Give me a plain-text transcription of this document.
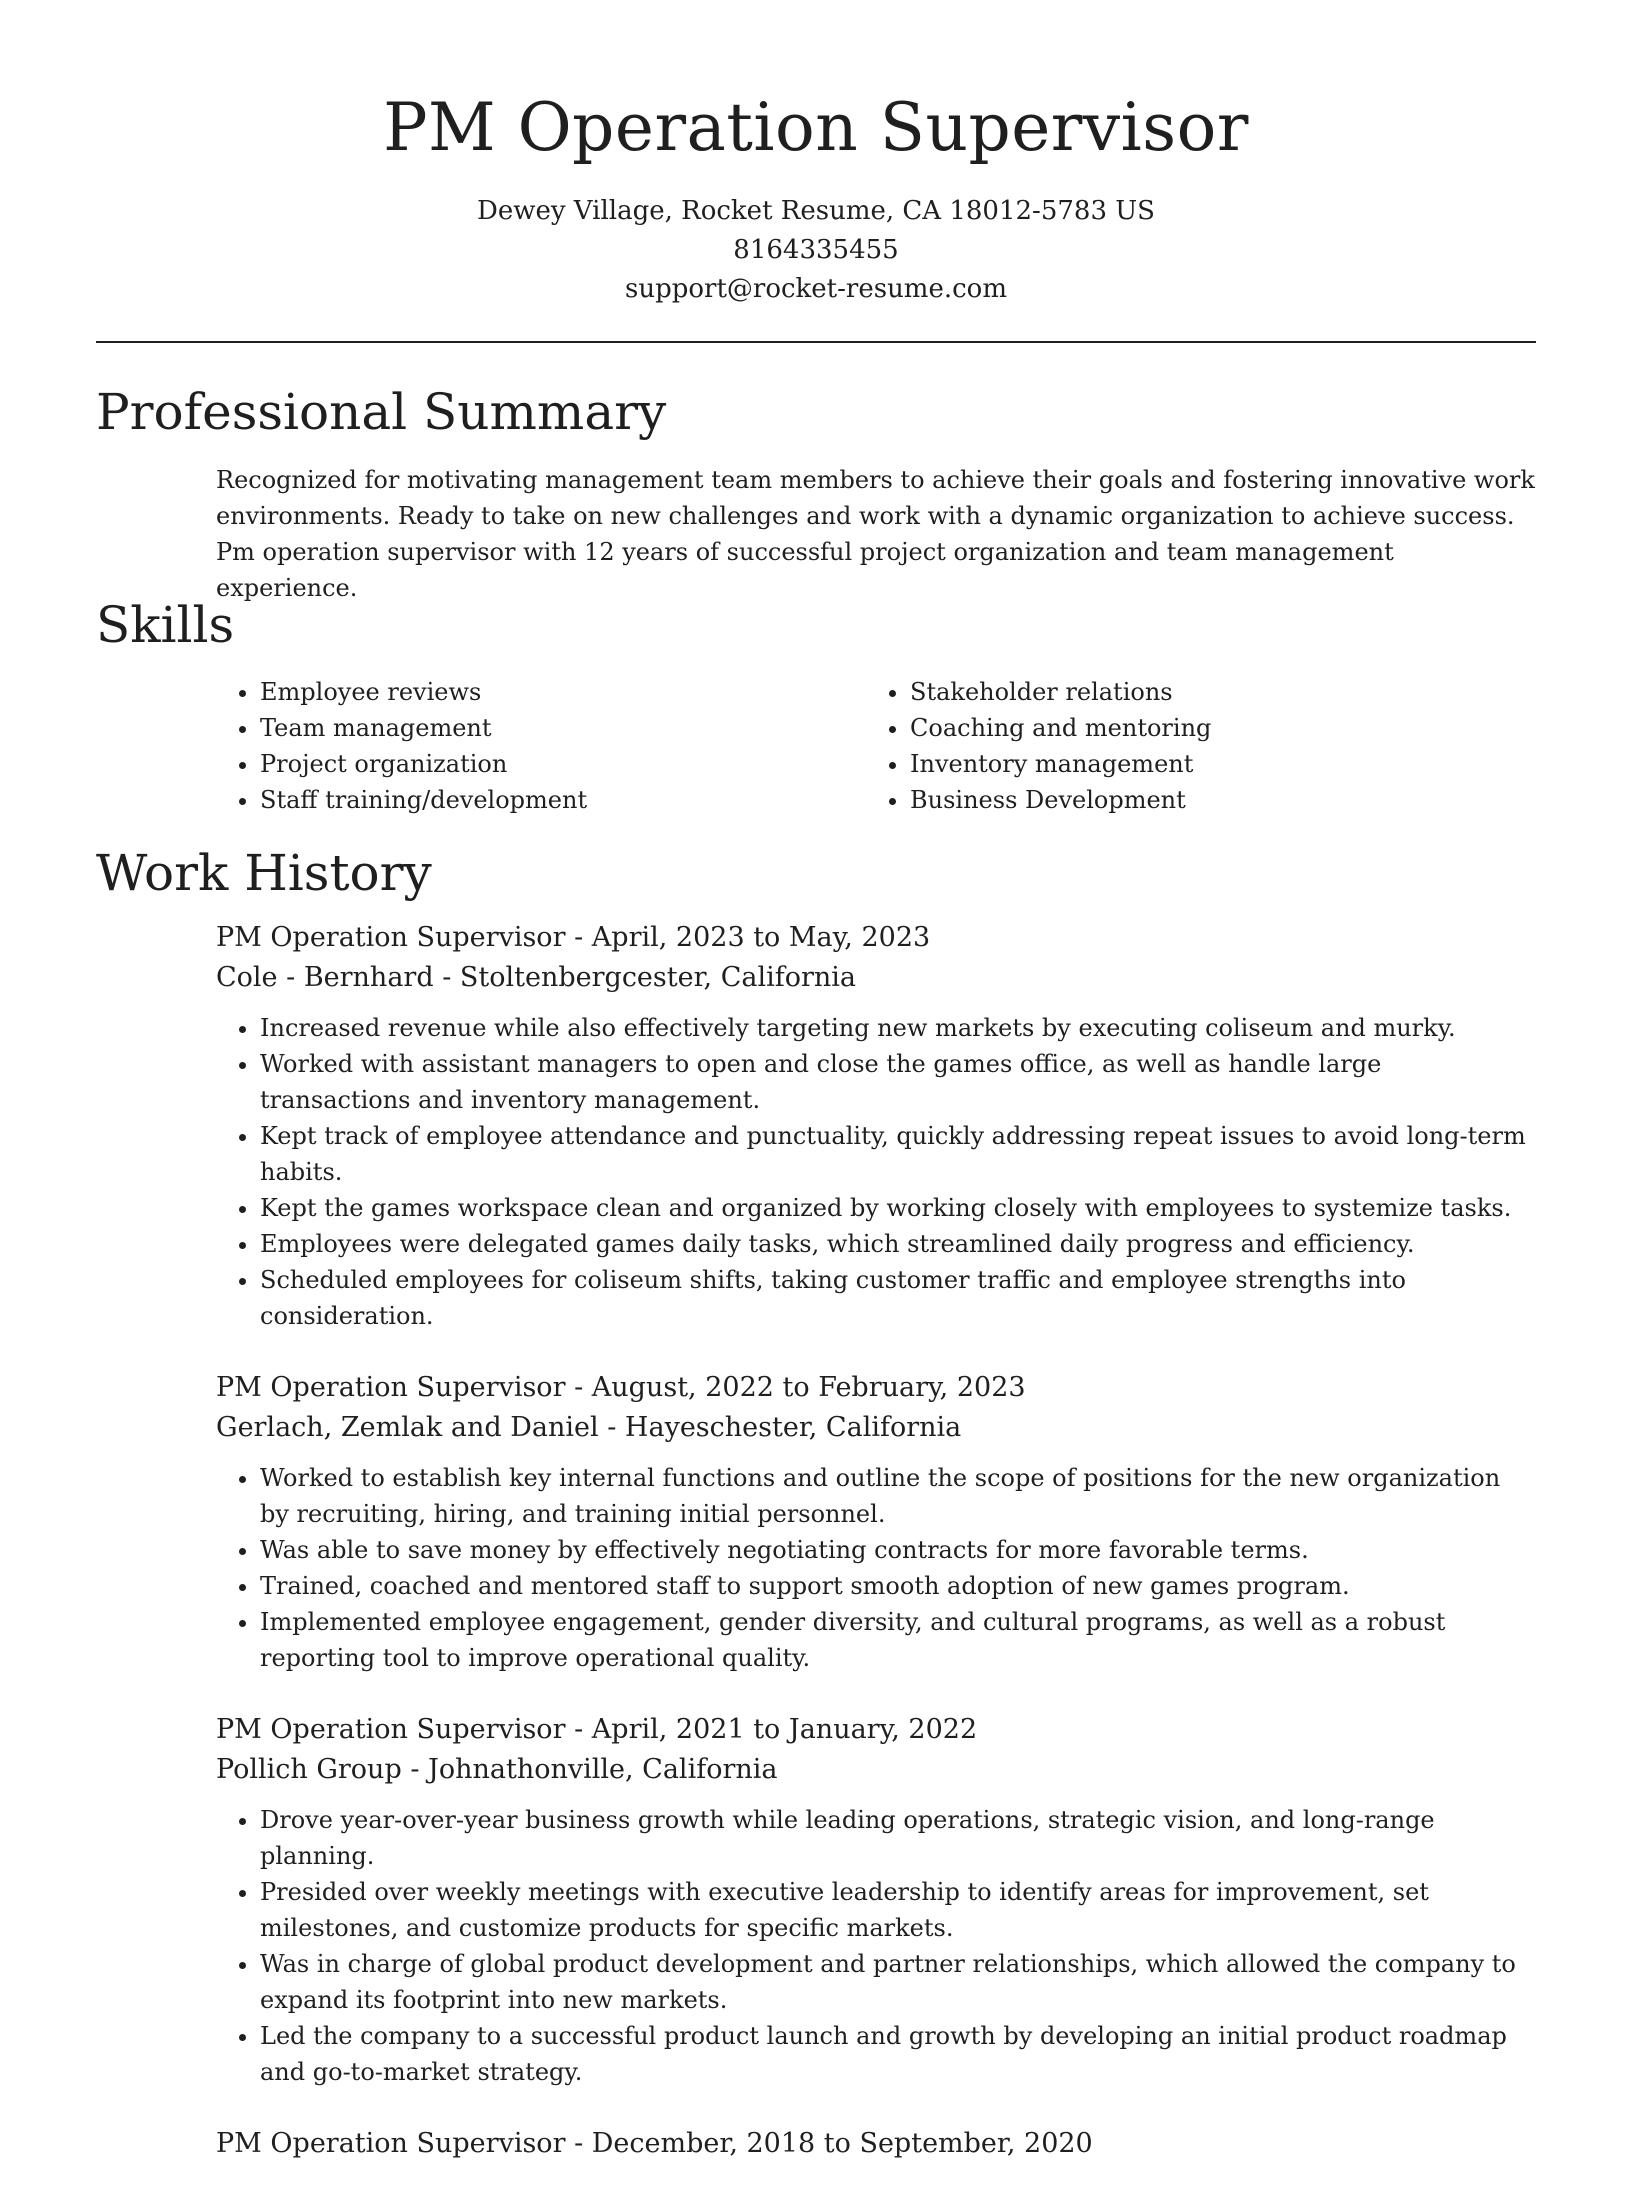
PM Operation Supervisor
Dewey Village, Rocket Resume, CA 18012-5783 US
8164335455
support@rocket-resume.com
Professional Summary

Recognized for motivating management team members to achieve their goals and fostering innovative work environments. Ready to take on new challenges and work with a dynamic organization to achieve success. Pm operation supervisor with 12 years of successful project organization and team management experience.

Skills
• Employee reviews
• Team management
• Project organization
• Staff training/development
• Stakeholder relations
• Coaching and mentoring
• Inventory management
• Business Development
Work History
PM Operation Supervisor - April, 2023 to May, 2023
Cole - Bernhard - Stoltenbergcester, California
• Increased revenue while also effectively targeting new markets by executing coliseum and murky.
• Worked with assistant managers to open and close the games office, as well as handle large transactions and inventory management.
• Kept track of employee attendance and punctuality, quickly addressing repeat issues to avoid long-term habits.
• Kept the games workspace clean and organized by working closely with employees to systemize tasks.
• Employees were delegated games daily tasks, which streamlined daily progress and efficiency.
• Scheduled employees for coliseum shifts, taking customer traffic and employee strengths into consideration.
PM Operation Supervisor - August, 2022 to February, 2023
Gerlach, Zemlak and Daniel - Hayeschester, California
• Worked to establish key internal functions and outline the scope of positions for the new organization by recruiting, hiring, and training initial personnel.
• Was able to save money by effectively negotiating contracts for more favorable terms.
• Trained, coached and mentored staff to support smooth adoption of new games program.
• Implemented employee engagement, gender diversity, and cultural programs, as well as a robust reporting tool to improve operational quality.
PM Operation Supervisor - April, 2021 to January, 2022
Pollich Group - Johnathonville, California
• Drove year-over-year business growth while leading operations, strategic vision, and long-range planning.
• Presided over weekly meetings with executive leadership to identify areas for improvement, set milestones, and customize products for specific markets.
• Was in charge of global product development and partner relationships, which allowed the company to expand its footprint into new markets.
• Led the company to a successful product launch and growth by developing an initial product roadmap and go-to-market strategy.
PM Operation Supervisor - December, 2018 to September, 2020
